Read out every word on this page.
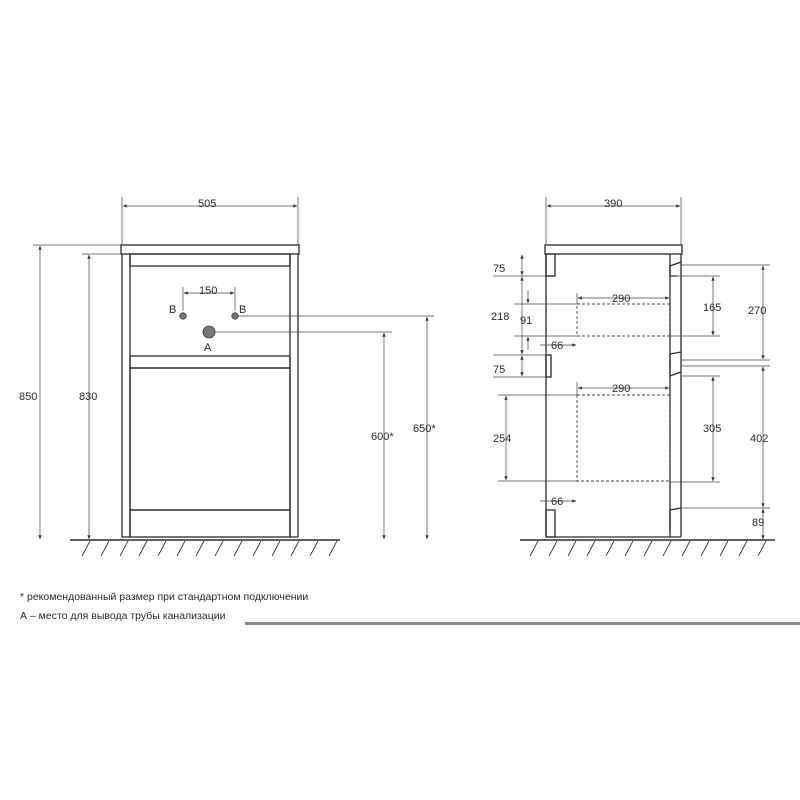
B	B
A
505
150
850	830
600*
650*
390
290
290
75
218 91
66
75
254
66
165 270
305
402
89
* рекомендованный размер при стандартном подключении
А – место для вывода трубы канализации
